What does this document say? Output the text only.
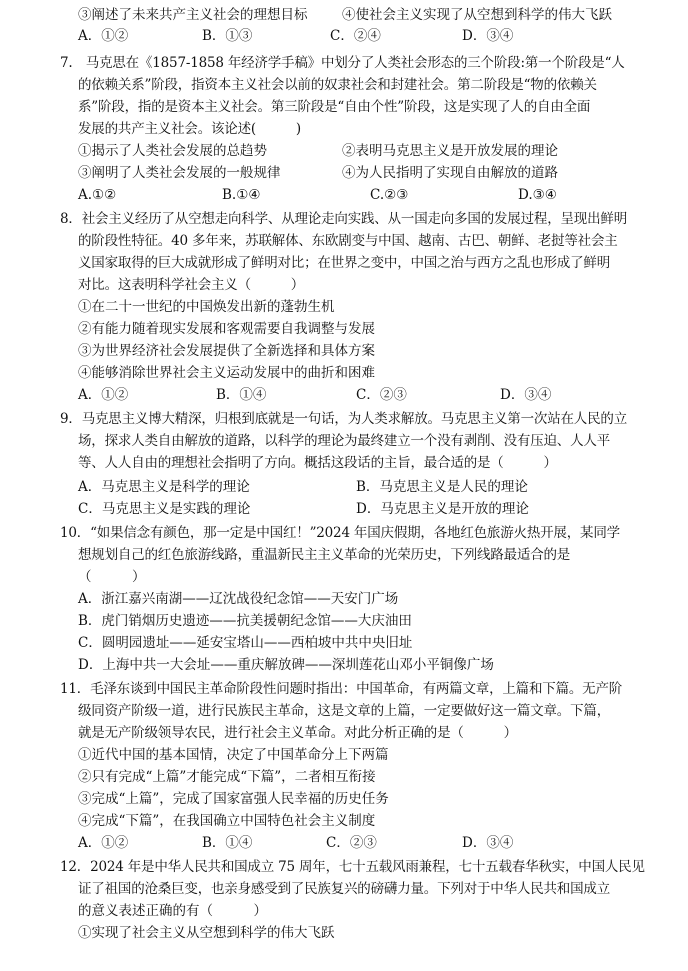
③阐述了未来共产主义社会的理想目标	④使社会主义实现了从空想到科学的伟大飞跃
A．①②	B．①③	C．②④	D．③④
7.　马克思在《1857-1858 年经济学手稿》中划分了人类社会形态的三个阶段:第一个阶段是“人
的依赖关系”阶段，指资本主义社会以前的奴隶社会和封建社会。第二阶段是“物的依赖关
系”阶段，指的是资本主义社会。第三阶段是“自由个性”阶段，这是实现了人的自由全面
发展的共产主义社会。该论述(　　　)
①揭示了人类社会发展的总趋势	②表明马克思主义是开放发展的理论
③阐明了人类社会发展的一般规律	④为人民指明了实现自由解放的道路
A.①②	B.①④	C.②③	D.③④
8．社会主义经历了从空想走向科学、从理论走向实践、从一国走向多国的发展过程，呈现出鲜明
的阶段性特征。40 多年来，苏联解体、东欧剧变与中国、越南、古巴、朝鲜、老挝等社会主
义国家取得的巨大成就形成了鲜明对比；在世界之变中，中国之治与西方之乱也形成了鲜明
对比。这表明科学社会主义（　　　）
①在二十一世纪的中国焕发出新的蓬勃生机
②有能力随着现实发展和客观需要自我调整与发展
③为世界经济社会发展提供了全新选择和具体方案
④能够消除世界社会主义运动发展中的曲折和困难
A．①②	B．①④	C．②③	D．③④
9．马克思主义博大精深，归根到底就是一句话，为人类求解放。马克思主义第一次站在人民的立
场，探求人类自由解放的道路，以科学的理论为最终建立一个没有剥削、没有压迫、人人平
等、人人自由的理想社会指明了方向。概括这段话的主旨，最合适的是（　　　）
A．马克思主义是科学的理论	B．马克思主义是人民的理论
C．马克思主义是实践的理论	D．马克思主义是开放的理论
10．“如果信念有颜色，那一定是中国红！”2024 年国庆假期，各地红色旅游火热开展，某同学
想规划自己的红色旅游线路，重温新民主主义革命的光荣历史，下列线路最适合的是
（　　　）
A．浙江嘉兴南湖——辽沈战役纪念馆——天安门广场
B．虎门销烟历史遗迹——抗美援朝纪念馆——大庆油田
C．圆明园遗址——延安宝塔山——西柏坡中共中央旧址
D．上海中共一大会址——重庆解放碑——深圳莲花山邓小平铜像广场
11．毛泽东谈到中国民主革命阶段性问题时指出：中国革命，有两篇文章，上篇和下篇。无产阶
级同资产阶级一道，进行民族民主革命，这是文章的上篇，一定要做好这一篇文章。下篇，
就是无产阶级领导农民，进行社会主义革命。对此分析正确的是（　　　）
①近代中国的基本国情，决定了中国革命分上下两篇
②只有完成“上篇”才能完成“下篇”，二者相互衔接
③完成“上篇”，完成了国家富强人民幸福的历史任务
④完成“下篇”，在我国确立中国特色社会主义制度
A．①②	B．①④	C．②③	D．③④
12．2024 年是中华人民共和国成立 75 周年，七十五载风雨兼程，七十五载春华秋实，中国人民见
证了祖国的沧桑巨变，也亲身感受到了民族复兴的磅礴力量。下列对于中华人民共和国成立
的意义表述正确的有（　　　）
①实现了社会主义从空想到科学的伟大飞跃
